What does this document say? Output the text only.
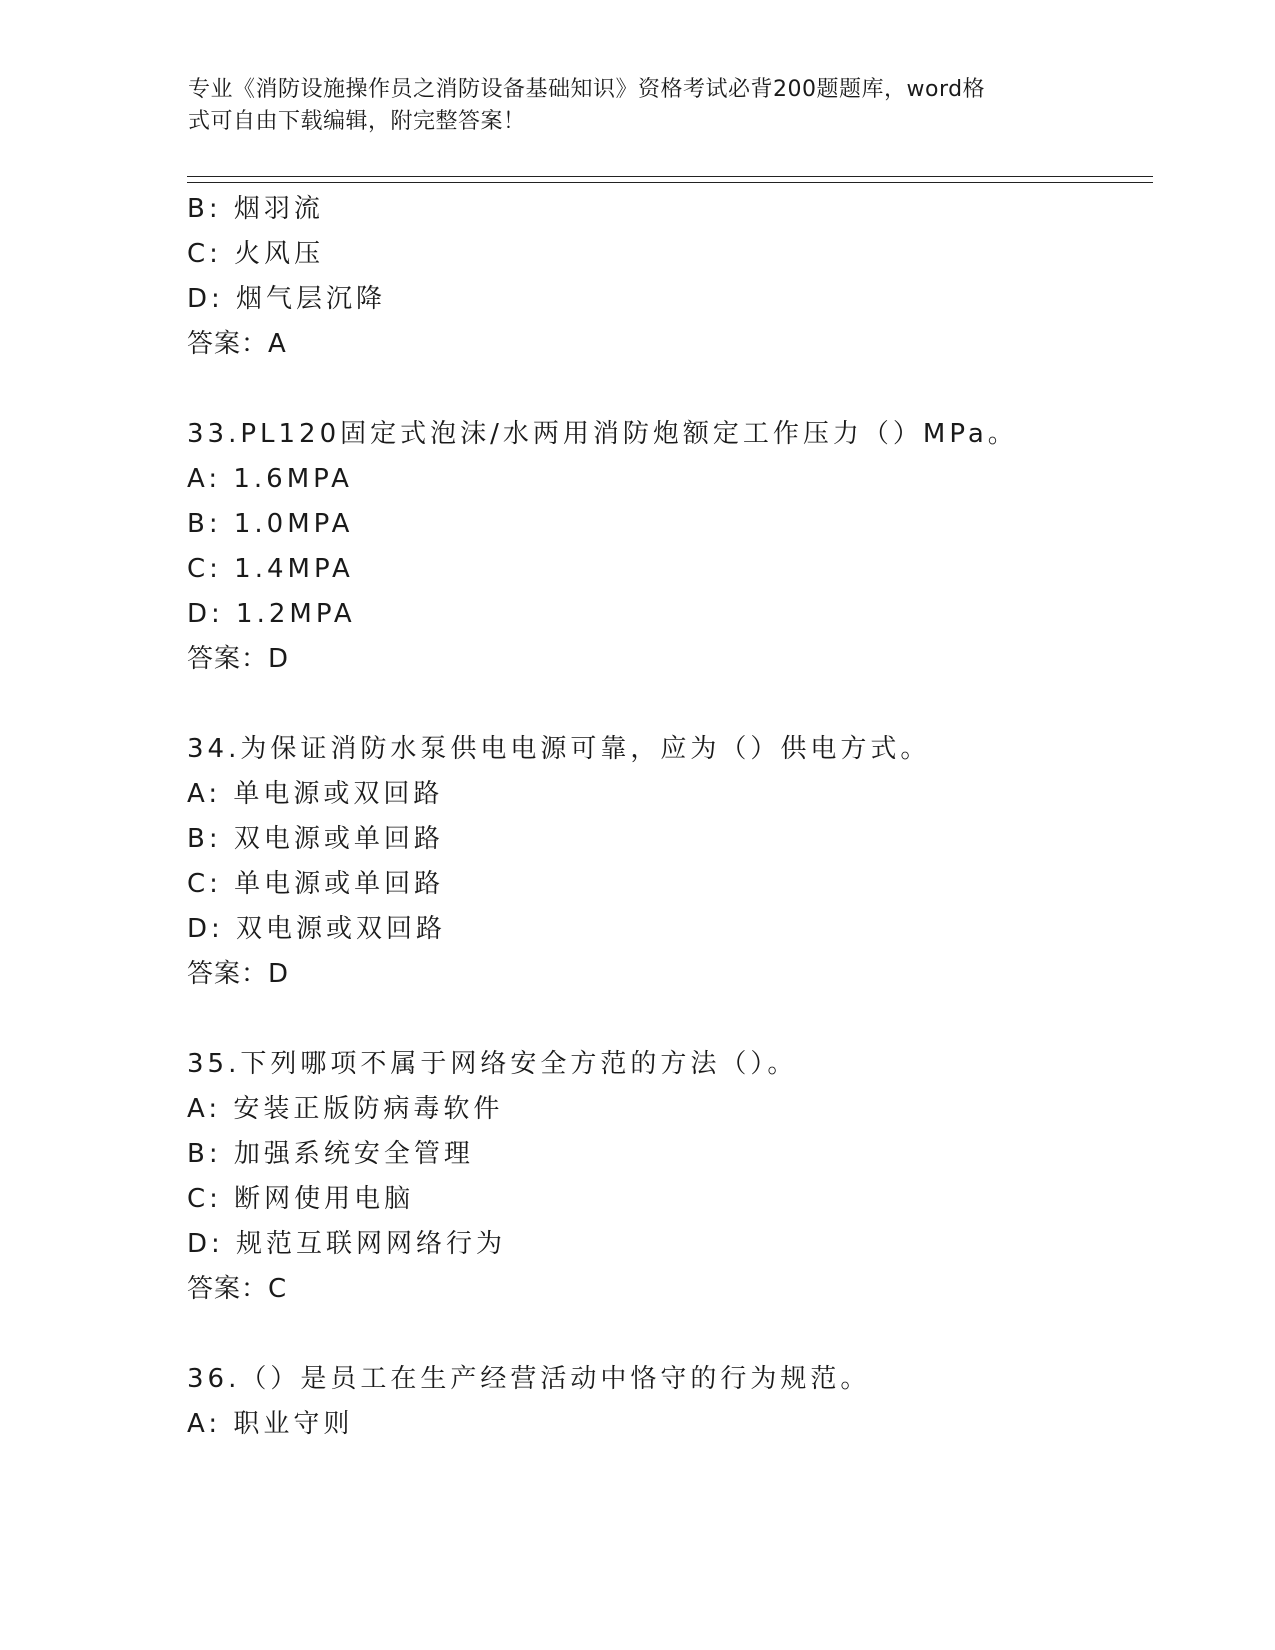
专业《消防设施操作员之消防设备基础知识》资格考试必背200题题库，word格
式可自由下载编辑，附完整答案！
B: 烟羽流
C: 火风压
D: 烟气层沉降
答案：A
33.PL120固定式泡沫/水两用消防炮额定工作压力（）MPa。
A: 1.6MPA
B: 1.0MPA
C: 1.4MPA
D: 1.2MPA
答案：D
34.为保证消防水泵供电电源可靠，应为（）供电方式。
A: 单电源或双回路
B: 双电源或单回路
C: 单电源或单回路
D: 双电源或双回路
答案：D
35.下列哪项不属于网络安全方范的方法（）。
A: 安装正版防病毒软件
B: 加强系统安全管理
C: 断网使用电脑
D: 规范互联网网络行为
答案：C
36.（）是员工在生产经营活动中恪守的行为规范。
A: 职业守则
